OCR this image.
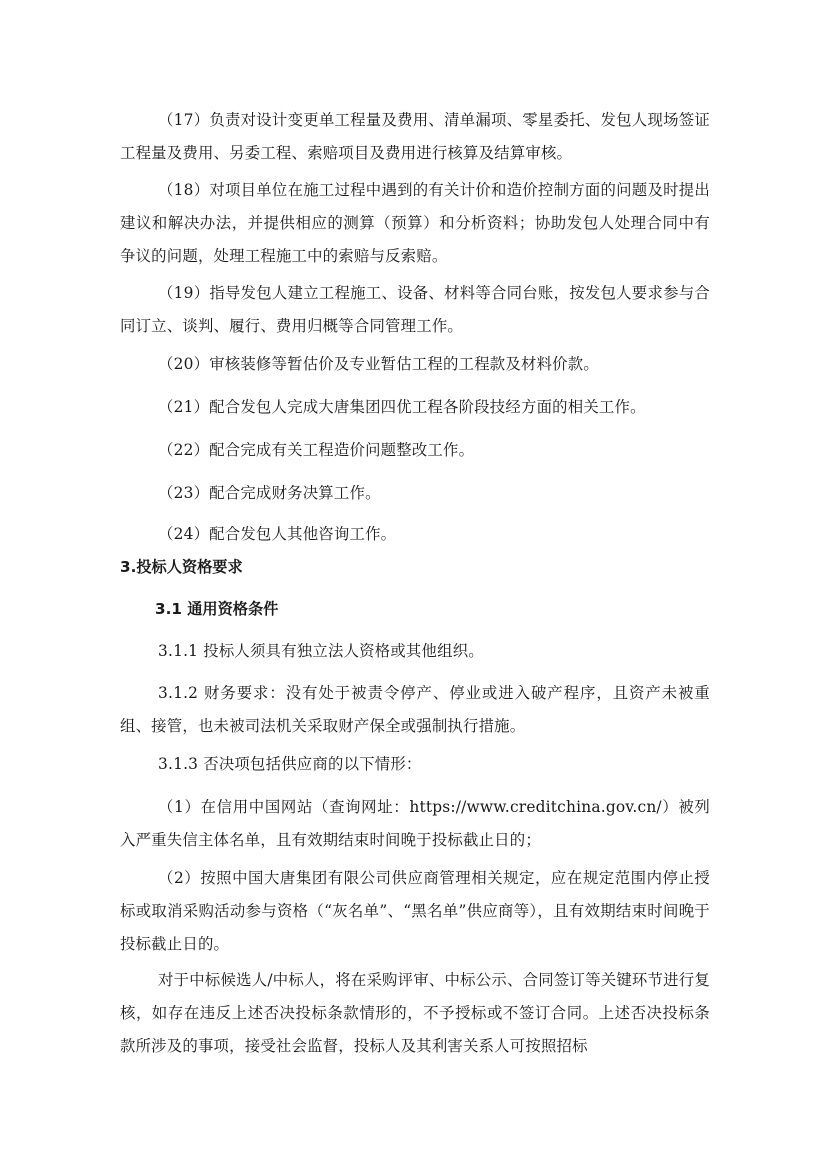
（17）负责对设计变更单工程量及费用、清单漏项、零星委托、发包人现场签证工程量及费用、另委工程、索赔项目及费用进行核算及结算审核。
（18）对项目单位在施工过程中遇到的有关计价和造价控制方面的问题及时提出建议和解决办法，并提供相应的测算（预算）和分析资料；协助发包人处理合同中有争议的问题，处理工程施工中的索赔与反索赔。
（19）指导发包人建立工程施工、设备、材料等合同台账，按发包人要求参与合同订立、谈判、履行、费用归概等合同管理工作。
（20）审核装修等暂估价及专业暂估工程的工程款及材料价款。
（21）配合发包人完成大唐集团四优工程各阶段技经方面的相关工作。
（22）配合完成有关工程造价问题整改工作。
（23）配合完成财务决算工作。
（24）配合发包人其他咨询工作。
3.投标人资格要求
3.1 通用资格条件
3.1.1 投标人须具有独立法人资格或其他组织。
3.1.2 财务要求：没有处于被责令停产、停业或进入破产程序，且资产未被重组、接管，也未被司法机关采取财产保全或强制执行措施。
3.1.3 否决项包括供应商的以下情形：
（1）在信用中国网站（查询网址：https://www.creditchina.gov.cn/）被列入严重失信主体名单，且有效期结束时间晚于投标截止日的；
（2）按照中国大唐集团有限公司供应商管理相关规定，应在规定范围内停止授标或取消采购活动参与资格（“灰名单”、“黑名单”供应商等），且有效期结束时间晚于投标截止日的。
对于中标候选人/中标人，将在采购评审、中标公示、合同签订等关键环节进行复核，如存在违反上述否决投标条款情形的，不予授标或不签订合同。上述否决投标条款所涉及的事项，接受社会监督，投标人及其利害关系人可按照招标
